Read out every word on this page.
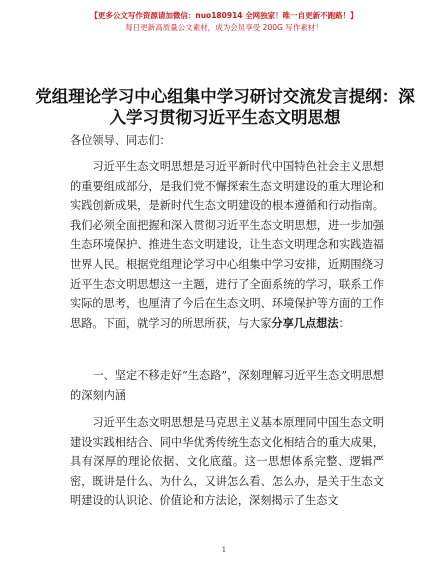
【更多公文写作资源请加微信：nuo180914 全网独家！唯一自更新不跑路！】
每日更新高质量公文素材，成为会员享受 200G 写作素材！
党组理论学习中心组集中学习研讨交流发言提纲：深入学习贯彻习近平生态文明思想

各位领导、同志们：

习近平生态文明思想是习近平新时代中国特色社会主义思想的重要组成部分，是我们党不懈探索生态文明建设的重大理论和实践创新成果，是新时代生态文明建设的根本遵循和行动指南。我们必须全面把握和深入贯彻习近平生态文明思想，进一步加强生态环境保护、推进生态文明建设，让生态文明理念和实践造福世界人民。根据党组理论学习中心组集中学习安排，近期围绕习近平生态文明思想这一主题，进行了全面系统的学习，联系工作实际的思考，也厘清了今后在生态文明、环境保护等方面的工作思路。下面，就学习的所思所获，与大家分享几点想法：

一、坚定不移走好“生态路”，深刻理解习近平生态文明思想的深刻内涵

习近平生态文明思想是马克思主义基本原理同中国生态文明建设实践相结合、同中华优秀传统生态文化相结合的重大成果，具有深厚的理论依据、文化底蕴。这一思想体系完整、逻辑严密，既讲是什么、为什么，又讲怎么看、怎么办，是关于生态文明建设的认识论、价值论和方法论，深刻揭示了生态文

1
